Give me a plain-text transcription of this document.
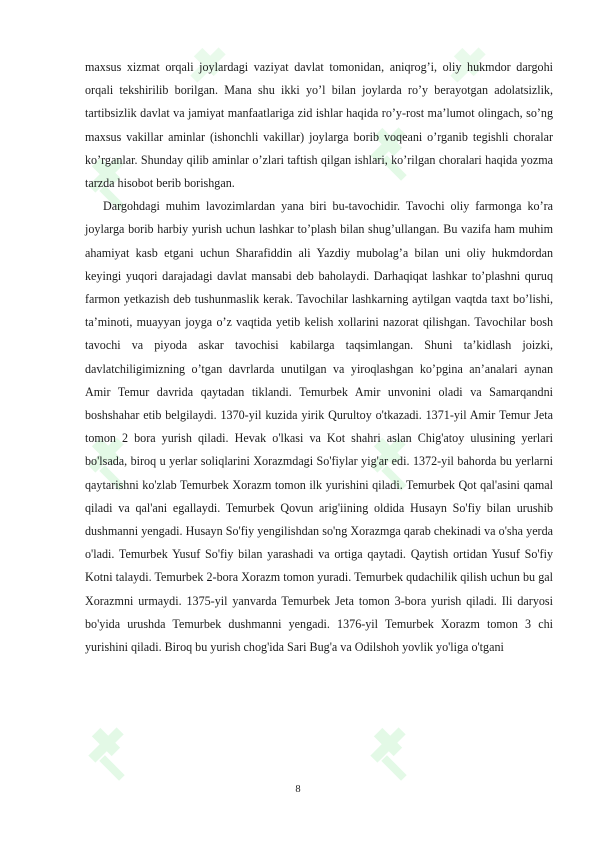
maxsus xizmat orqali joylardagi vaziyat davlat tomonidan, aniqrog’i, oliy hukmdor dargohi orqali tekshirilib borilgan. Mana shu ikki yo’l bilan joylarda ro’y berayotgan adolatsizlik, tartibsizlik davlat va jamiyat manfaatlariga zid ishlar haqida ro’y-rost ma’lumot olingach, so’ng maxsus vakillar aminlar (ishonchli vakillar) joylarga borib voqeani o’rganib tegishli choralar ko’rganlar. Shunday qilib aminlar o’zlari taftish qilgan ishlari, ko’rilgan choralari haqida yozma tarzda hisobot berib borishgan.

Dargohdagi muhim lavozimlardan yana biri bu-tavochidir. Tavochi oliy farmonga ko’ra joylarga borib harbiy yurish uchun lashkar to’plash bilan shug’ullangan. Bu vazifa ham muhim ahamiyat kasb etgani uchun Sharafiddin ali Yazdiy mubolag’a bilan uni oliy hukmdordan keyingi yuqori darajadagi davlat mansabi deb baholaydi. Darhaqiqat lashkar to’plashni quruq farmon yetkazish deb tushunmaslik kerak. Tavochilar lashkarning aytilgan vaqtda taxt bo’lishi, ta’minoti, muayyan joyga o’z vaqtida yetib kelish xollarini nazorat qilishgan. Tavochilar bosh tavochi va piyoda askar tavochisi kabilarga taqsimlangan. Shuni ta’kidlash joizki, davlatchiligimizning o’tgan davrlarda unutilgan va yiroqlashgan ko’pgina an’analari aynan Amir Temur davrida qaytadan tiklandi. Temurbek Amir unvonini oladi va Samarqandni boshshahar etib belgilaydi. 1370-yil kuzida yirik Qurultoy o'tkazadi. 1371-yil Amir Temur Jeta tomon 2 bora yurish qiladi. Hevak o'lkasi va Kot shahri aslan Chig'atoy ulusining yerlari bo'lsada, biroq u yerlar soliqlarini Xorazmdagi So'fiylar yig'ar edi. 1372-yil bahorda bu yerlarni qaytarishni ko'zlab Temurbek Xorazm tomon ilk yurishini qiladi. Temurbek Qot qal'asini qamal qiladi va qal'ani egallaydi. Temurbek Qovun arig'iining oldida Husayn So'fiy bilan urushib dushmanni yengadi. Husayn So'fiy yengilishdan so'ng Xorazmga qarab chekinadi va o'sha yerda o'ladi. Temurbek Yusuf So'fiy bilan yarashadi va ortiga qaytadi. Qaytish ortidan Yusuf So'fiy Kotni talaydi. Temurbek 2-bora Xorazm tomon yuradi. Temurbek qudachilik qilish uchun bu gal Xorazmni urmaydi. 1375-yil yanvarda Temurbek Jeta tomon 3-bora yurish qiladi. Ili daryosi bo'yida urushda Temurbek dushmanni yengadi. 1376-yil Temurbek Xorazm tomon 3 chi yurishini qiladi. Biroq bu yurish chog'ida Sari Bug'a va Odilshoh yovlik yo'liga o'tgani

8
